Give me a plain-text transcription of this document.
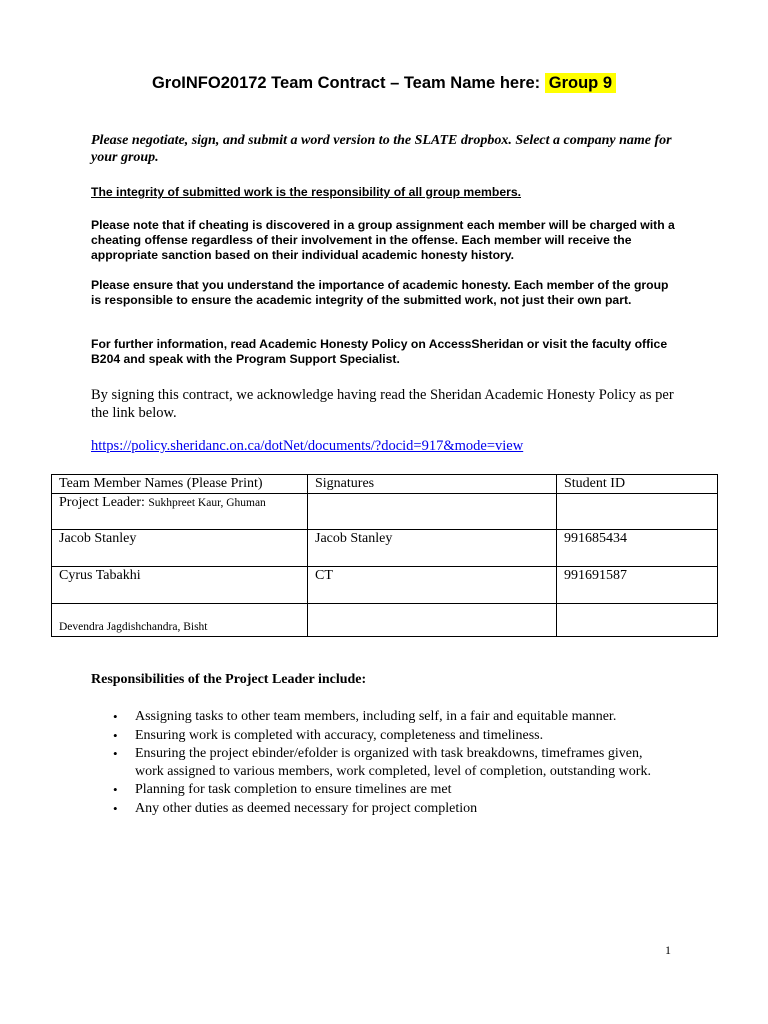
GroINFO20172 Team Contract – Team Name here: Group 9
Please negotiate, sign, and submit a word version to the SLATE dropbox. Select a company name for your group.
The integrity of submitted work is the responsibility of all group members.
Please note that if cheating is discovered in a group assignment each member will be charged with a cheating offense regardless of their involvement in the offense. Each member will receive the appropriate sanction based on their individual academic honesty history.
Please ensure that you understand the importance of academic honesty. Each member of the group is responsible to ensure the academic integrity of the submitted work, not just their own part.
For further information, read Academic Honesty Policy on AccessSheridan or visit the faculty office B204 and speak with the Program Support Specialist.
By signing this contract, we acknowledge having read the Sheridan Academic Honesty Policy as per the link below.
https://policy.sheridanc.on.ca/dotNet/documents/?docid=917&mode=view
Team Member Names (Please Print)	Signatures	Student ID
Project Leader: Sukhpreet Kaur, Ghuman		
Jacob Stanley	Jacob Stanley	991685434
Cyrus Tabakhi	CT	991691587

Devendra Jagdishchandra, Bisht		

Responsibilities of the Project Leader include:
• Assigning tasks to other team members, including self, in a fair and equitable manner.
• Ensuring work is completed with accuracy, completeness and timeliness.
• Ensuring the project ebinder/efolder is organized with task breakdowns, timeframes given, work assigned to various members, work completed, level of completion, outstanding work.
• Planning for task completion to ensure timelines are met
• Any other duties as deemed necessary for project completion
1
